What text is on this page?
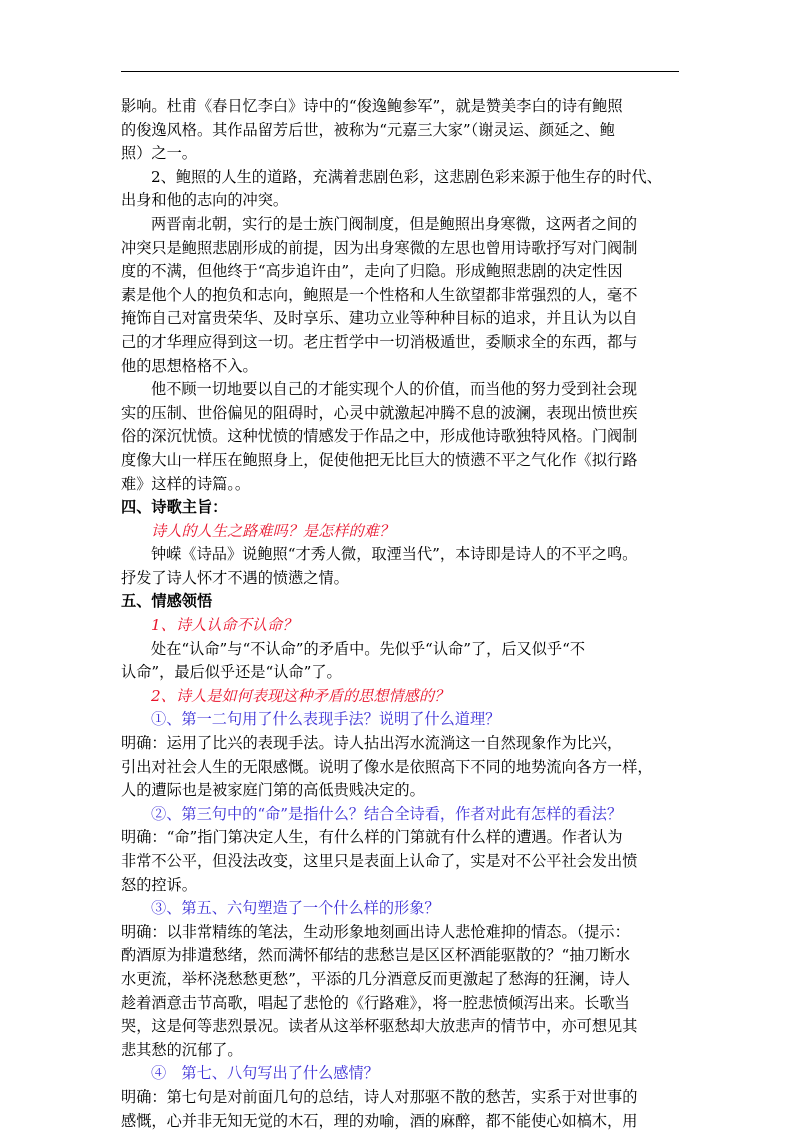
影响。杜甫《春日忆李白》诗中的“俊逸鲍参军”，就是赞美李白的诗有鲍照
的俊逸风格。其作品留芳后世，被称为“元嘉三大家”（谢灵运、颜延之、鲍
照）之一。
2、鲍照的人生的道路，充满着悲剧色彩，这悲剧色彩来源于他生存的时代、
出身和他的志向的冲突。
两晋南北朝，实行的是士族门阀制度，但是鲍照出身寒微，这两者之间的
冲突只是鲍照悲剧形成的前提，因为出身寒微的左思也曾用诗歌抒写对门阀制
度的不满，但他终于“高步追许由”，走向了归隐。形成鲍照悲剧的决定性因
素是他个人的抱负和志向，鲍照是一个性格和人生欲望都非常强烈的人，毫不
掩饰自己对富贵荣华、及时享乐、建功立业等种种目标的追求，并且认为以自
己的才华理应得到这一切。老庄哲学中一切消极遁世，委顺求全的东西，都与
他的思想格格不入。
他不顾一切地要以自己的才能实现个人的价值，而当他的努力受到社会现
实的压制、世俗偏见的阻碍时，心灵中就激起冲腾不息的波澜，表现出愤世疾
俗的深沉忧愤。这种忧愤的情感发于作品之中，形成他诗歌独特风格。门阀制
度像大山一样压在鲍照身上，促使他把无比巨大的愤懑不平之气化作《拟行路
难》这样的诗篇。。
四、诗歌主旨：
诗人的人生之路难吗？是怎样的难？
钟嵘《诗品》说鲍照“才秀人微，取湮当代”，本诗即是诗人的不平之鸣。
抒发了诗人怀才不遇的愤懑之情。
五、情感领悟
1、诗人认命不认命？
处在“认命”与“不认命”的矛盾中。先似乎“认命”了，后又似乎“不
认命”，最后似乎还是“认命”了。
2、诗人是如何表现这种矛盾的思想情感的？
①、第一二句用了什么表现手法？说明了什么道理？
明确：运用了比兴的表现手法。诗人拈出泻水流淌这一自然现象作为比兴，
引出对社会人生的无限感慨。说明了像水是依照高下不同的地势流向各方一样，
人的遭际也是被家庭门第的高低贵贱决定的。
②、第三句中的“命”是指什么？结合全诗看，作者对此有怎样的看法？
明确：“命”指门第决定人生，有什么样的门第就有什么样的遭遇。作者认为
非常不公平，但没法改变，这里只是表面上认命了，实是对不公平社会发出愤
怒的控诉。
③、第五、六句塑造了一个什么样的形象？
明确：以非常精练的笔法，生动形象地刻画出诗人悲怆难抑的情态。（提示：
酌酒原为排遣愁绪，然而满怀郁结的悲愁岂是区区杯酒能驱散的？“抽刀断水
水更流，举杯浇愁愁更愁”，平添的几分酒意反而更激起了愁海的狂澜，诗人
趁着酒意击节高歌，唱起了悲怆的《行路难》，将一腔悲愤倾泻出来。长歌当
哭，这是何等悲烈景况。读者从这举杯驱愁却大放悲声的情节中，亦可想见其
悲其愁的沉郁了。
④　第七、八句写出了什么感情？
明确：第七句是对前面几句的总结，诗人对那驱不散的愁苦，实系于对世事的
感慨，心并非无知无觉的木石，理的劝喻，酒的麻醉，都不能使心如槁木，用
